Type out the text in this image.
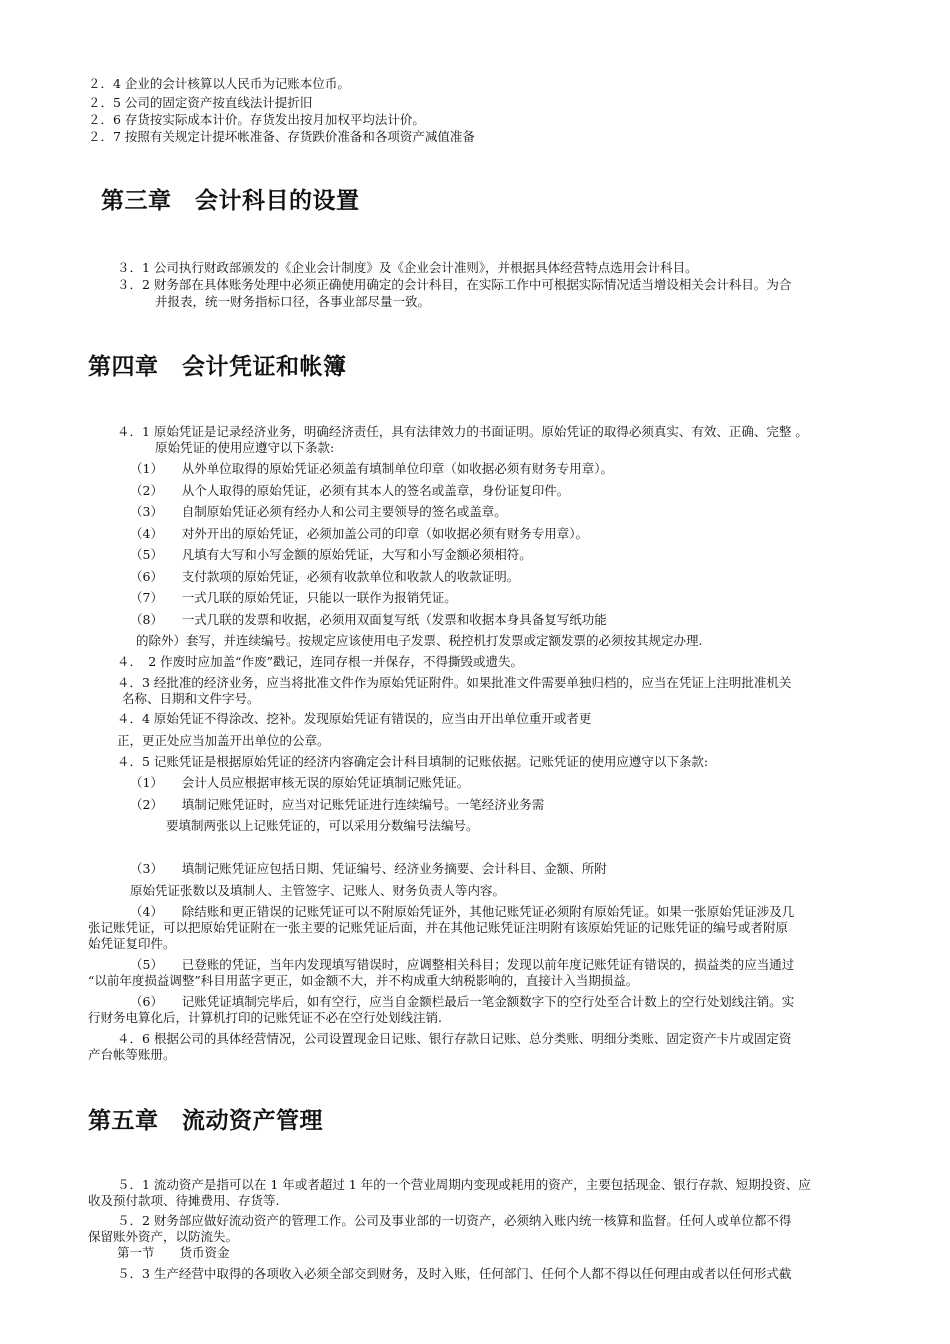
２．4 企业的会计核算以人民币为记账本位币。
２．5 公司的固定资产按直线法计提折旧
２．6 存货按实际成本计价。存货发出按月加权平均法计价。
２．7 按照有关规定计提坏帐准备、存货跌价准备和各项资产减值准备
第三章　会计科目的设置
３．1 公司执行财政部颁发的《企业会计制度》及《企业会计准则》，并根据具体经营特点选用会计科目。
３．2 财务部在具体账务处理中必须正确使用确定的会计科目，在实际工作中可根据实际情况适当增设相关会计科目。为合
并报表，统一财务指标口径，各事业部尽量一致。
第四章　会计凭证和帐簿
４．1 原始凭证是记录经济业务，明确经济责任，具有法律效力的书面证明。原始凭证的取得必须真实、有效、正确、完整 。
原始凭证的使用应遵守以下条款:
（1）　　从外单位取得的原始凭证必须盖有填制单位印章（如收据必须有财务专用章）。
（2）　　从个人取得的原始凭证，必须有其本人的签名或盖章，身份证复印件。
（3）　　自制原始凭证必须有经办人和公司主要领导的签名或盖章。
（4）　　对外开出的原始凭证，必须加盖公司的印章（如收据必须有财务专用章）。
（5）　　凡填有大写和小写金额的原始凭证，大写和小写金额必须相符。
（6）　　支付款项的原始凭证，必须有收款单位和收款人的收款证明。
（7）　　一式几联的原始凭证，只能以一联作为报销凭证。
（8）　　一式几联的发票和收据，必须用双面复写纸（发票和收据本身具备复写纸功能
的除外）套写，并连续编号。按规定应该使用电子发票、税控机打发票或定额发票的必须按其规定办理.
４．　2 作废时应加盖“作废”戳记，连同存根一并保存，不得撕毁或遗失。
４．3 经批准的经济业务，应当将批准文件作为原始凭证附件。如果批准文件需要单独归档的，应当在凭证上注明批准机关
名称、日期和文件字号。
４．4 原始凭证不得涂改、挖补。发现原始凭证有错误的，应当由开出单位重开或者更
正，更正处应当加盖开出单位的公章。
４．5 记账凭证是根据原始凭证的经济内容确定会计科目填制的记账依据。记账凭证的使用应遵守以下条款:
（1）　　会计人员应根据审核无误的原始凭证填制记账凭证。
（2）　　填制记账凭证时，应当对记账凭证进行连续编号。一笔经济业务需
要填制两张以上记账凭证的，可以采用分数编号法编号。
（3）　　填制记账凭证应包括日期、凭证编号、经济业务摘要、会计科目、金额、所附
原始凭证张数以及填制人、主管签字、记账人、财务负责人等内容。
（4）　　除结账和更正错误的记账凭证可以不附原始凭证外，其他记账凭证必须附有原始凭证。如果一张原始凭证涉及几
张记账凭证，可以把原始凭证附在一张主要的记账凭证后面，并在其他记账凭证注明附有该原始凭证的记账凭证的编号或者附原
始凭证复印件。
（5）　　已登账的凭证，当年内发现填写错误时，应调整相关科目；发现以前年度记账凭证有错误的，损益类的应当通过
“以前年度损益调整”科目用蓝字更正，如金额不大，并不构成重大纳税影响的，直接计入当期损益。
（6）　　记账凭证填制完毕后，如有空行，应当自金额栏最后一笔金额数字下的空行处至合计数上的空行处划线注销。实
行财务电算化后，计算机打印的记账凭证不必在空行处划线注销.
４．6 根据公司的具体经营情况，公司设置现金日记账、银行存款日记账、总分类账、明细分类账、固定资产卡片或固定资
产台帐等账册。
第五章　流动资产管理
５．1 流动资产是指可以在 1 年或者超过 1 年的一个营业周期内变现或耗用的资产，主要包括现金、银行存款、短期投资、应
收及预付款项、待摊费用、存货等.
５．2 财务部应做好流动资产的管理工作。公司及事业部的一切资产，必须纳入账内统一核算和监督。任何人或单位都不得
保留账外资产，以防流失。
第一节　　货币资金
５．3 生产经营中取得的各项收入必须全部交到财务，及时入账，任何部门、任何个人都不得以任何理由或者以任何形式截
